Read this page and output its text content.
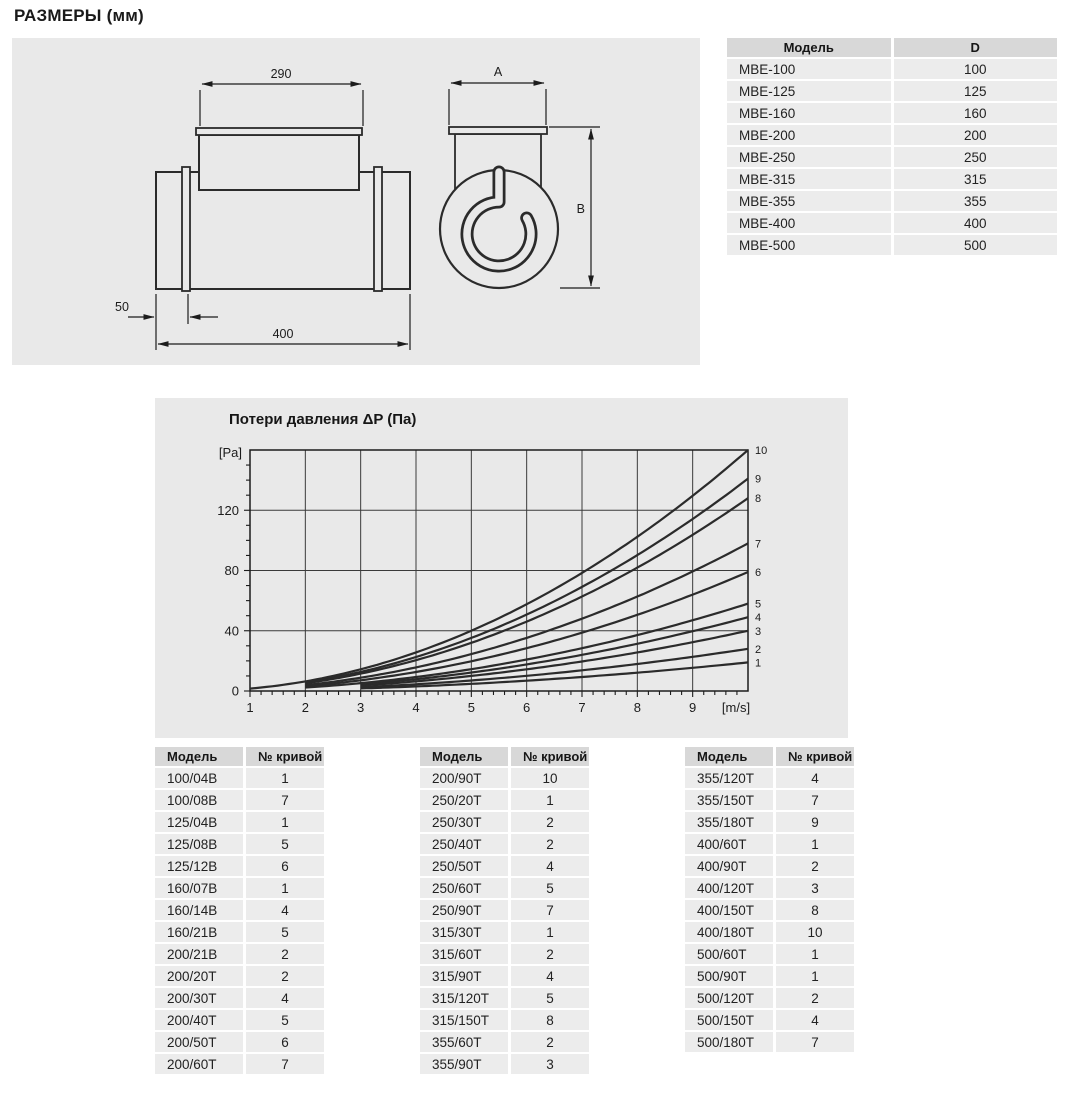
РАЗМЕРЫ (мм)
290
400
50
A
B
Модель	D
MBE-100	100
MBE-125	125
MBE-160	160
MBE-200	200
MBE-250	250
MBE-315	315
MBE-355	355
MBE-400	400
MBE-500	500
Потери давления ΔP (Па)
1	2	3	4	5	6	7	8	9
0
40
80
120
[Pa]
[m/s]
1
2
3
4
5
6
7
8
9
10
Модель	№ кривой
100/04B	1
100/08B	7
125/04B	1
125/08B	5
125/12B	6
160/07B	1
160/14B	4
160/21B	5
200/21B	2
200/20T	2
200/30T	4
200/40T	5
200/50T	6
200/60T	7
Модель	№ кривой
200/90T	10
250/20T	1
250/30T	2
250/40T	2
250/50T	4
250/60T	5
250/90T	7
315/30T	1
315/60T	2
315/90T	4
315/120T	5
315/150T	8
355/60T	2
355/90T	3
Модель	№ кривой
355/120T	4
355/150T	7
355/180T	9
400/60T	1
400/90T	2
400/120T	3
400/150T	8
400/180T	10
500/60T	1
500/90T	1
500/120T	2
500/150T	4
500/180T	7
